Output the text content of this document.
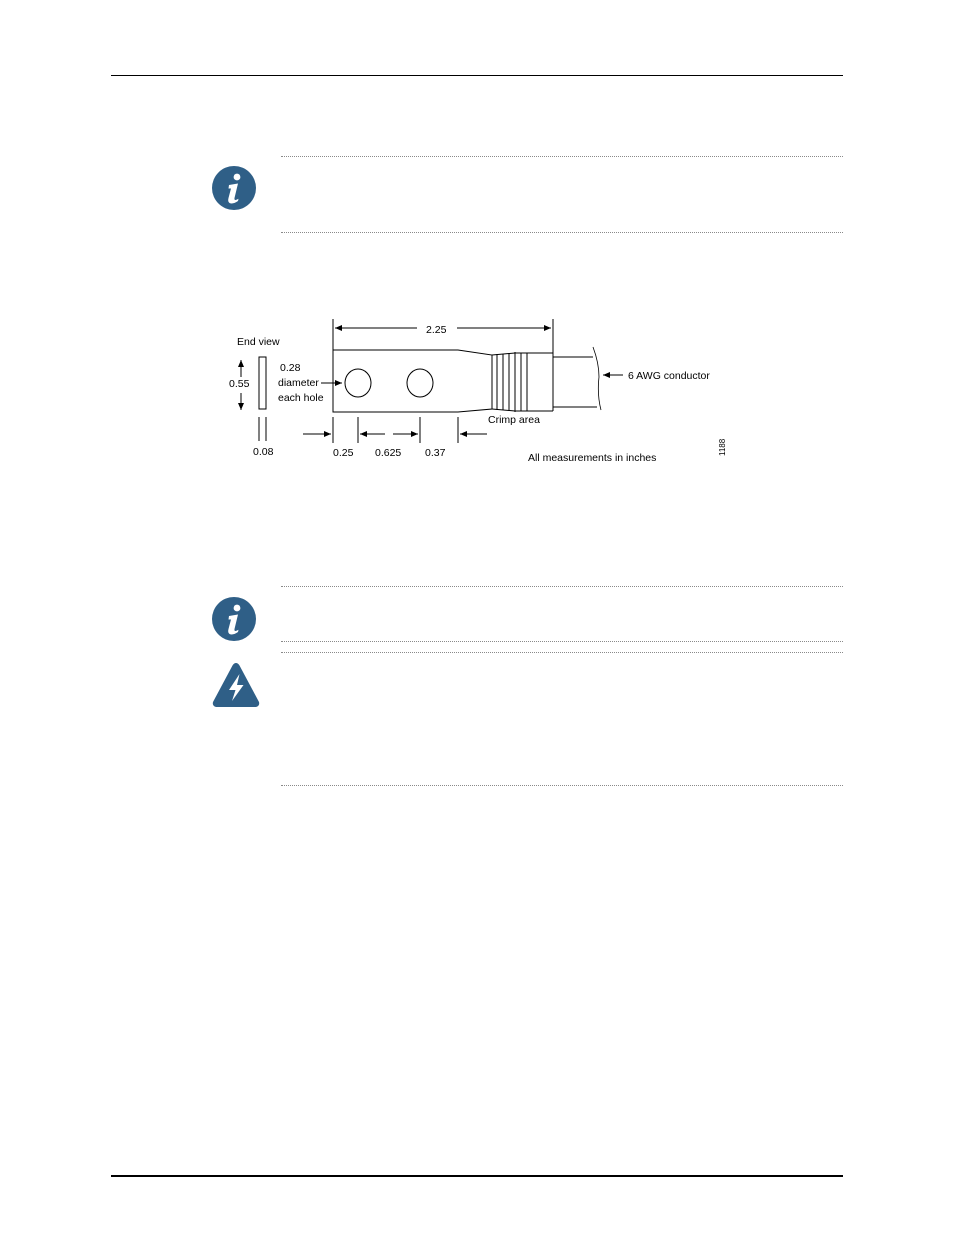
End view
0.55
0.08
0.28
diameter
each hole
2.25
6 AWG conductor
Crimp area
0.25 0.625 0.37	All measurements in inches
1188
